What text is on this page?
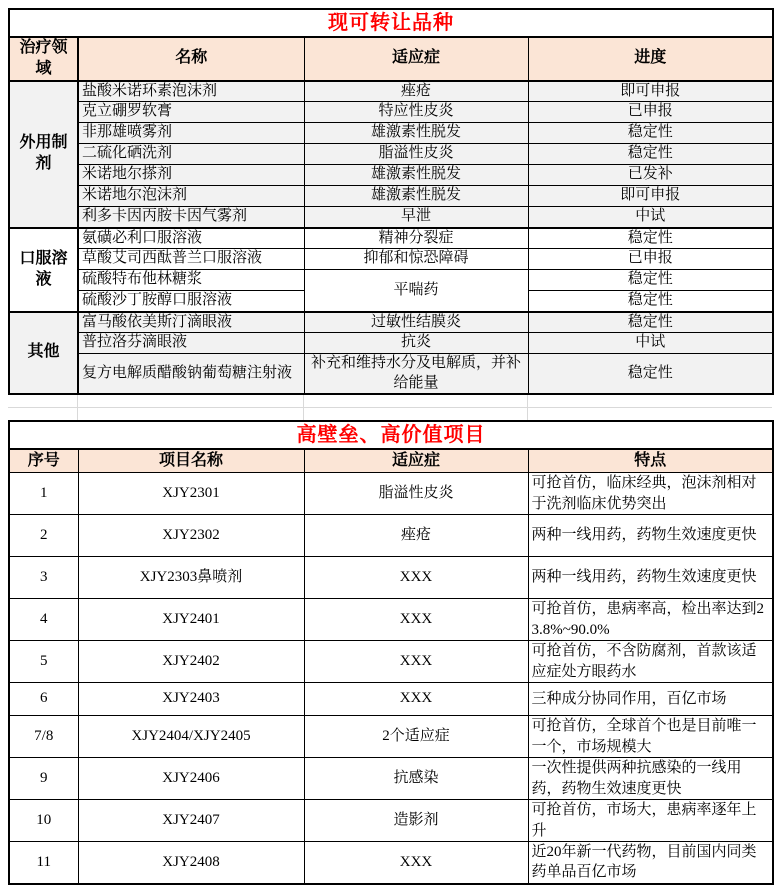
现可转让品种			
治疗领域	名称	适应症	进度
外用制剂	盐酸米诺环素泡沫剂	痤疮	即可申报
	克立硼罗软膏	特应性皮炎	已申报
	非那雄喷雾剂	雄激素性脱发	稳定性
	二硫化硒洗剂	脂溢性皮炎	稳定性
	米诺地尔搽剂	雄激素性脱发	已发补
	米诺地尔泡沫剂	雄激素性脱发	即可申报
	利多卡因丙胺卡因气雾剂	早泄	中试
口服溶液	氨磺必利口服溶液	精神分裂症	稳定性
	草酸艾司西酞普兰口服溶液	抑郁和惊恐障碍	已申报
	硫酸特布他林糖浆	平喘药	稳定性
	硫酸沙丁胺醇口服溶液		稳定性
其他	富马酸依美斯汀滴眼液	过敏性结膜炎	稳定性
	普拉洛芬滴眼液	抗炎	中试
	复方电解质醋酸钠葡萄糖注射液	补充和维持水分及电解质，并补给能量	稳定性
高壁垒、高价值项目			
序号	项目名称	适应症	特点
1	XJY2301	脂溢性皮炎	可抢首仿，临床经典，泡沫剂相对于洗剂临床优势突出
2	XJY2302	痤疮	两种一线用药，药物生效速度更快
3	XJY2303鼻喷剂	XXX	两种一线用药，药物生效速度更快
4	XJY2401	XXX	可抢首仿，患病率高，检出率达到23.8%~90.0%
5	XJY2402	XXX	可抢首仿，不含防腐剂，首款该适应症处方眼药水
6	XJY2403	XXX	三种成分协同作用，百亿市场
7/8	XJY2404/XJY2405	2个适应症	可抢首仿，全球首个也是目前唯一一个，市场规模大
9	XJY2406	抗感染	一次性提供两种抗感染的一线用药，药物生效速度更快
10	XJY2407	造影剂	可抢首仿，市场大，患病率逐年上升
11	XJY2408	XXX	近20年新一代药物，目前国内同类药单品百亿市场
